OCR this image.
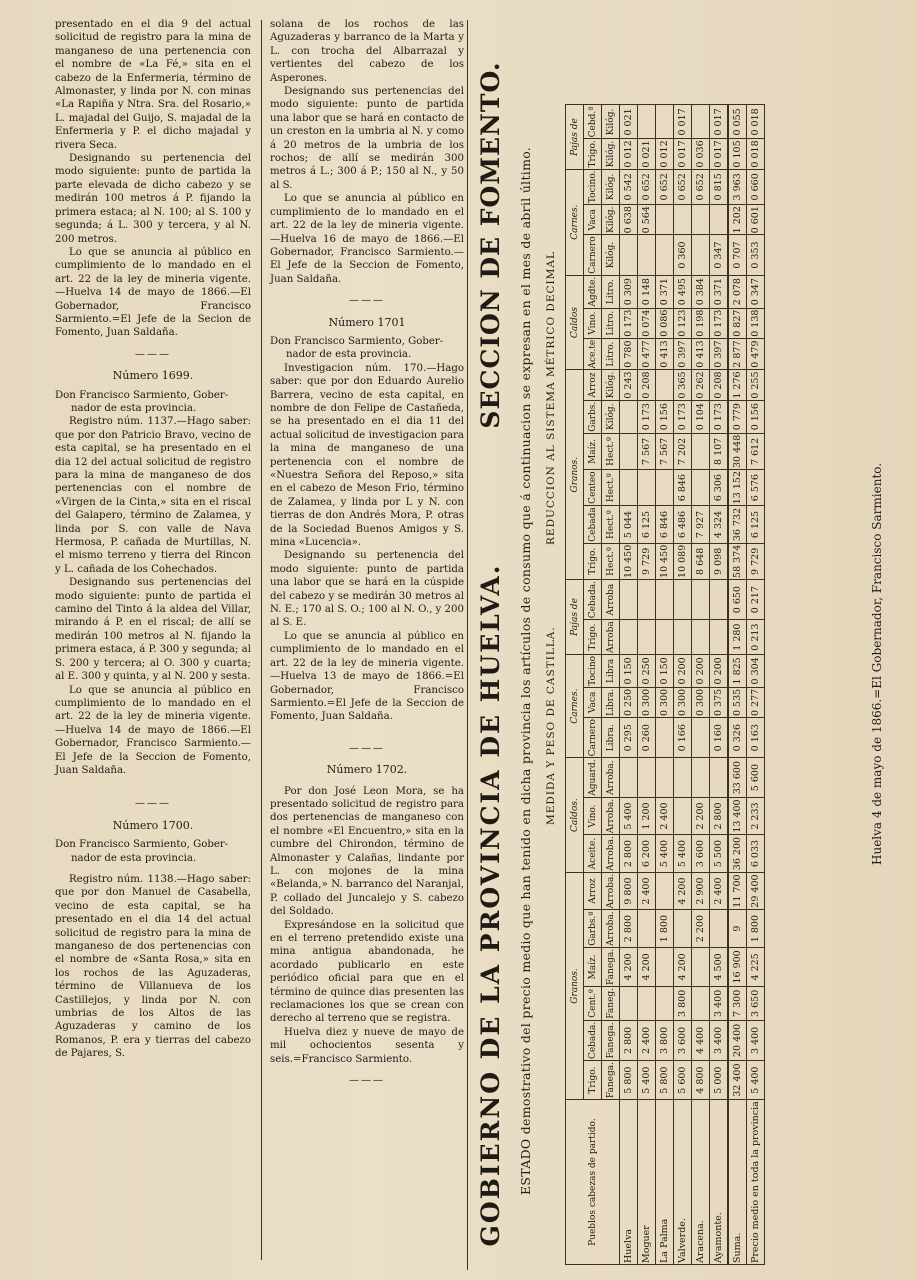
presentado en el dia 9 del actual solicitud de registro para la mina de manganeso de una pertenencia con el nombre de «La Fé,» sita en el cabezo de la Enfermeria, término de Almonaster, y linda por N. con minas «La Rapiña y Ntra. Sra. del Rosario,» L. majadal del Guijo, S. majadal de la Enfermeria y P. el dicho majadal y rivera Seca.

Designando su pertenencia del modo siguiente: punto de partida la parte elevada de dicho cabezo y se medirán 100 metros á P. fijando la primera estaca; al N. 100; al S. 100 y segunda; á L. 300 y tercera, y al N. 200 metros.

Lo que se anuncia al público en cumplimiento de lo mandado en el art. 22 de la ley de mineria vigente. —Huelva 14 de mayo de 1866.—El Gobernador, Francisco Sarmiento.=El Jefe de la Secion de Fomento, Juan Saldaña.

———
Número 1699.

Don Francisco Sarmiento, Gober-
nador de esta provincia.

Registro núm. 1137.—Hago saber: que por don Patricio Bravo, vecino de esta capital, se ha presentado en el dia 12 del actual solicitud de registro para la mina de manganeso de dos pertenencias con el nombre de «Virgen de la Cinta,» sita en el riscal del Galapero, término de Zalamea, y linda por S. con valle de Nava Hermosa, P. cañada de Murtillas, N. el mismo terreno y tierra del Rincon y L. cañada de los Cohechados.

Designando sus pertenencias del modo siguiente: punto de partida el camino del Tinto á la aldea del Villar, mirando á P. en el riscal; de allí se medirán 100 metros al N. fijando la primera estaca, á P. 300 y segunda; al S. 200 y tercera; al O. 300 y cuarta; al E. 300 y quinta, y al N. 200 y sesta.

Lo que se anuncia al público en cumplimiento de lo mandado en el art. 22 de la ley de mineria vigente. —Huelva 14 de mayo de 1866.—El Gobernador, Francisco Sarmiento.—El Jefe de la Seccion de Fomento, Juan Saldaña.

———
Número 1700.

Don Francisco Sarmiento, Gober-
nador de esta provincia.

Registro núm. 1138.—Hago saber: que por don Manuel de Casabella, vecino de esta capital, se ha presentado en el dia 14 del actual solicitud de registro para la mina de manganeso de dos pertenencias con el nombre de «Santa Rosa,» sita en los rochos de las Aguzaderas, término de Villanueva de los Castillejos, y linda por N. con umbrias de los Altos de las Aguzaderas y camino de los Romanos, P. era y tierras del cabezo de Pajares, S.

solana de los rochos de las Aguzaderas y barranco de la Marta y L. con trocha del Albarrazal y vertientes del cabezo de los Asperones.

Designando sus pertenencias del modo siguiente: punto de partida una labor que se hará en contacto de un creston en la umbria al N. y como á 20 metros de la umbria de los rochos; de allí se medirán 300 metros á L.; 300 á P.; 150 al N., y 50 al S.

Lo que se anuncia al público en cumplimiento de lo mandado en el art. 22 de la ley de mineria vigente. —Huelva 16 de mayo de 1866.—El Gobernador, Francisco Sarmiento.—El Jefe de la Seccion de Fomento, Juan Saldaña.

———
Número 1701

Don Francisco Sarmiento, Gober-
nador de esta provincia.

Investigacion núm. 170.—Hago saber: que por don Eduardo Aurelio Barrera, vecino de esta capital, en nombre de don Felipe de Castañeda, se ha presentado en el dia 11 del actual solicitud de investigacion para la mina de manganeso de una pertenencia con el nombre de «Nuestra Señora del Reposo,» sita en el cabezo de Meson Frio, término de Zalamea, y linda por L y N. con tierras de don Andrés Mora, P. otras de la Sociedad Buenos Amigos y S. mina «Lucencia».

Designando su pertenencia del modo siguiente: punto de partida una labor que se hará en la cúspide del cabezo y se medirán 30 metros al N. E.; 170 al S. O.; 100 al N. O., y 200 al S. E.

Lo que se anuncia al público en cumplimiento de lo mandado en el art. 22 de la ley de mineria vigente. —Huelva 13 de mayo de 1866.=El Gobernador, Francisco Sarmiento.=El Jefe de la Seccion de Fomento, Juan Saldaña.

———
Número 1702.

Por don José Leon Mora, se ha presentado solicitud de registro para dos pertenencias de manganeso con el nombre «El Encuentro,» sita en la cumbre del Chirondon, término de Almonaster y Calañas, lindante por L. con mojones de la mina «Belanda,» N. barranco del Naranjal, P. collado del Juncalejo y S. cabezo del Soldado.

Expresándose en la solicitud que en el terreno pretendido existe una mina antigua abandonada, he acordado publicarlo en este periódico oficial para que en el término de quince dias presenten las reclamaciones los que se crean con derecho al terreno que se registra.

Huelva diez y nueve de mayo de mil ochocientos sesenta y seis.=Francisco Sarmiento.

———	GOBIERNO DE LA PROVINCIA DE HUELVA.
SECCION DE FOMENTO. ESTADO demostrativo del precio medio que han tenido en dicha provincia los artículos de consumo que á continuacion se expresan en el mes de abril último. MEDIDA Y PESO DE CASTILLA.
REDUCCION AL SISTEMA MÉTRICO DECIMAL
Pueblos cabezas de partido.	Granos.						Caldos.			Carnes.			Pajas de		Granos.						Caldos			Carnes.			Pajas de	
	Trigo.	Cebada.	Cent.º	Maíz.	Garbs.º	Arroz	Aceite.	Vino.	Aguard.	Carnero	Vaca	Tocino	Trigo.	Cebada.	Trigo.	Cebada	Centeo	Maíz.	Garbs.	Arroz	Ace.te	Vino.	Agdte.	Carnero	Vaca	Tocino.	Trigo.	Cebd.ª
	Fanega.	Fanega.	Faneg.	Fanega.	Arroba.	Arroba.	Arroba.	Arroba.	Arroba.	Libra.	Libra.	Libra	Arroba	Arroba	Hect.º	Hect.º	Hect.º	Hect.º	Kilóg.	Kilóg.	Litro.	Litro.	Litro.	Kilóg.	Kilóg.	Kilóg.	Kilóg.	Kilóg.
Huelva	5 800	2 800		4 200	2 800	9 800	2 800	5 400		0 295	0 250	0 150			10 450	5 044				0 243	0 780	0 173	0 309		0 638	0 542	0 012	0 021
Moguer	5 400	2 400		4 200		2 400	6 200	1 200		0 260	0 300	0 250			9 729	6 125		7 567	0 173	0 208	0 477	0 074	0 148		0 564	0 652	0 021	
La Palma	5 800	3 800			1 800		5 400	2 400			0 300	0 150			10 450	6 846		7 567	0 156		0 413	0 086	0 371			0 652	0 012	
Valverde.	5 600	3 600	3 800	4 200		4 200	5 400			0 166	0 300	0 200			10 089	6 486	6 846	7 202	0 173	0 365	0 397	0 123	0 495	0 360		0 652	0 017	0 017
Aracena.	4 800	4 400			2 200	2 900	3 600	2 200			0 300	0 200			8 648	7 927			0 104	0 262	0 413	0 198	0 384			0 652	0 036	
Ayamonte.	5 000	3 400	3 400	4 500		2 400	5 500	2 800		0 160	0 375	0 200			9 098	4 324	6 306	8 107	0 173	0 208	0 397	0 173	0 371	0 347		0 815	0 017	0 017
Suma.	32 400	20 400	7 300	16 900	9	11 700	36 200	13 400	33 600	0 326	0 535	1 825	1 280	0 650	58 374	36 732	13 152	30 448	0 779	1 276	2 877	0 827	2 078	0 707	1 202	3 963	0 105	0 055
Precio medio en toda la provincia	5 400	3 400	3 650	4 225	1 800	29 400	6 033	2 233	5 600	0 163	0 277	0 304	0 213	0 217	9 729	6 125	6 576	7 612	0 156	0 255	0 479	0 138	0 347	0 353	0 601	0 660	0 018	0 018
Huelva 4 de mayo de 1866.=El Gobernador, Francisco Sarmiento.
